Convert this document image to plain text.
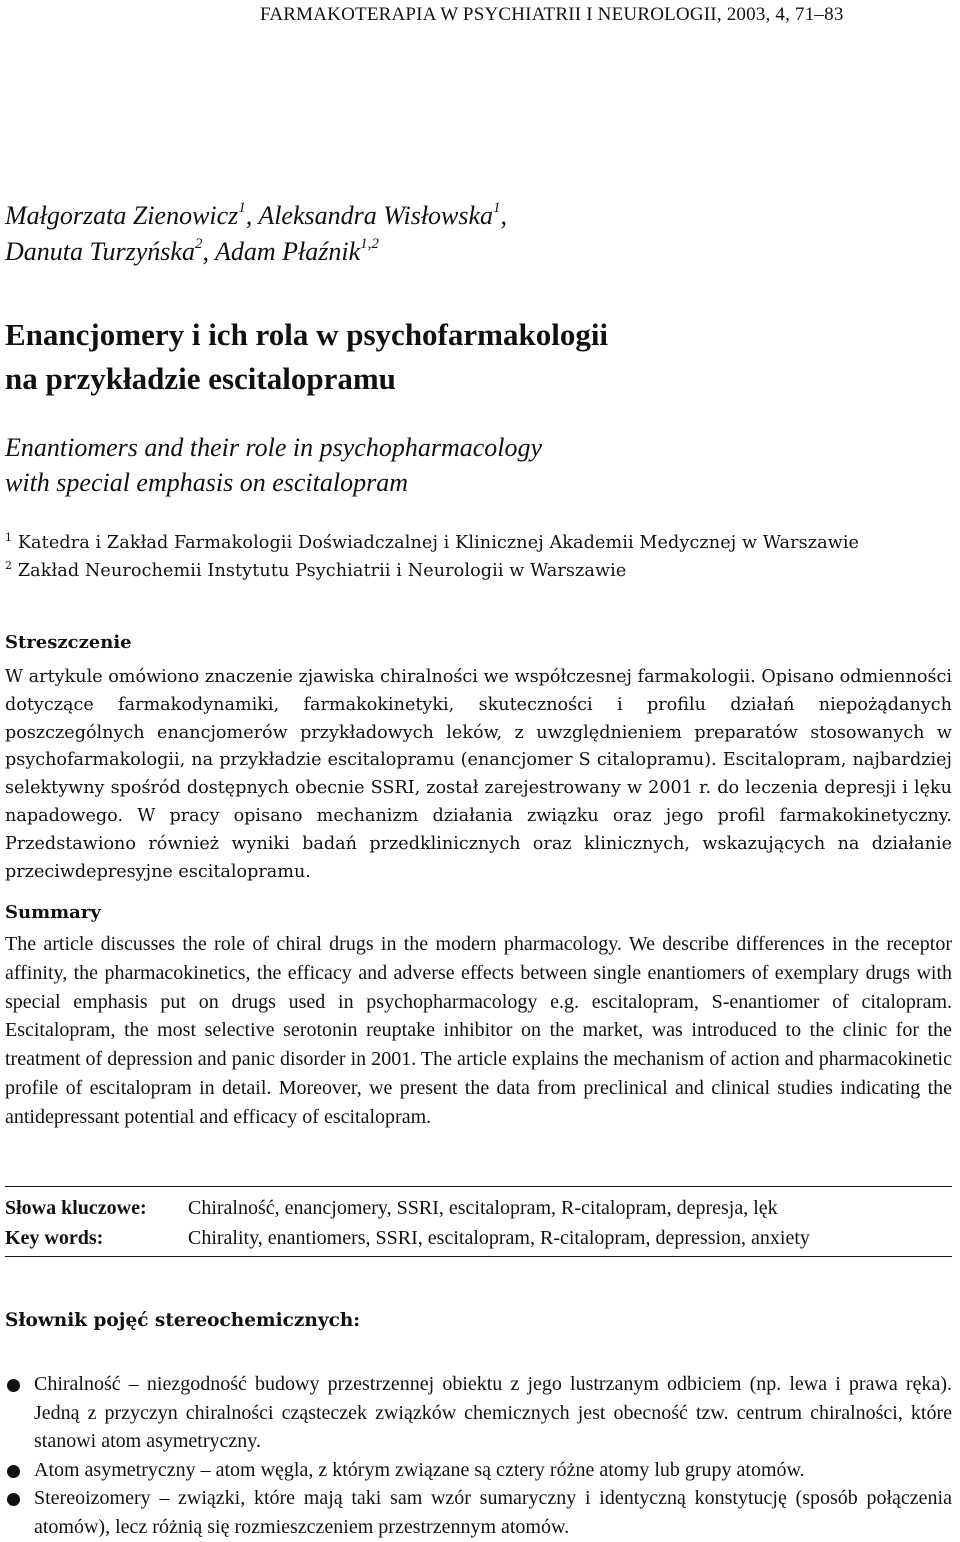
FARMAKOTERAPIA W PSYCHIATRII I NEUROLOGII, 2003, 4, 71–83
Małgorzata Zienowicz$^1$, Aleksandra Wisłowska$^1$,
Danuta Turzyńska$^2$, Adam Płaźnik$^{1,2}$
Enancjomery i ich rola w psychofarmakologii
na przykładzie escitalopramu
Enantiomers and their role in psychopharmacology
with special emphasis on escitalopram
$^1$ Katedra i Zakład Farmakologii Doświadczalnej i Klinicznej Akademii Medycznej w Warszawie
$^2$ Zakład Neurochemii Instytutu Psychiatrii i Neurologii w Warszawie
Streszczenie

W artykule omówiono znaczenie zjawiska chiralności we współczesnej farmakologii. Opisano odmienności dotyczące farmakodynamiki, farmakokinetyki, skuteczności i profilu działań niepożądanych poszczególnych enancjomerów przykładowych leków, z uwzględnieniem preparatów stosowanych w psychofarmakologii, na przykładzie escitalopramu (enancjomer S citalopramu). Escitalopram, najbardziej selektywny spośród dostępnych obecnie SSRI, został zarejestrowany w 2001 r. do leczenia depresji i lęku napadowego. W pracy opisano mechanizm działania związku oraz jego profil farmakokinetyczny. Przedstawiono również wyniki badań przedklinicznych oraz klinicznych, wskazujących na działanie przeciwdepresyjne escitalopramu.

Summary

The article discusses the role of chiral drugs in the modern pharmacology. We describe differences in the receptor affinity, the pharmacokinetics, the efficacy and adverse effects between single enantiomers of exemplary drugs with special emphasis put on drugs used in psychopharmacology e.g. escitalopram, S-enantiomer of citalopram. Escitalopram, the most selective serotonin reuptake inhibitor on the market, was introduced to the clinic for the treatment of depression and panic disorder in 2001. The article explains the mechanism of action and pharmacokinetic profile of escitalopram in detail. Moreover, we present the data from preclinical and clinical studies indicating the antidepressant potential and efficacy of escitalopram.

Słowa kluczowe:	Chiralność, enancjomery, SSRI, escitalopram, R-citalopram, depresja, lęk
Key words:	Chirality, enantiomers, SSRI, escitalopram, R-citalopram, depression, anxiety
Słownik pojęć stereochemicznych:
Chiralność – niezgodność budowy przestrzennej obiektu z jego lustrzanym odbiciem (np. lewa i prawa ręka). Jedną z przyczyn chiralności cząsteczek związków chemicznych jest obecność tzw. centrum chiralności, które stanowi atom asymetryczny.
Atom asymetryczny – atom węgla, z którym związane są cztery różne atomy lub grupy atomów.
Stereoizomery – związki, które mają taki sam wzór sumaryczny i identyczną konstytucję (sposób połączenia atomów), lecz różnią się rozmieszczeniem przestrzennym atomów.
